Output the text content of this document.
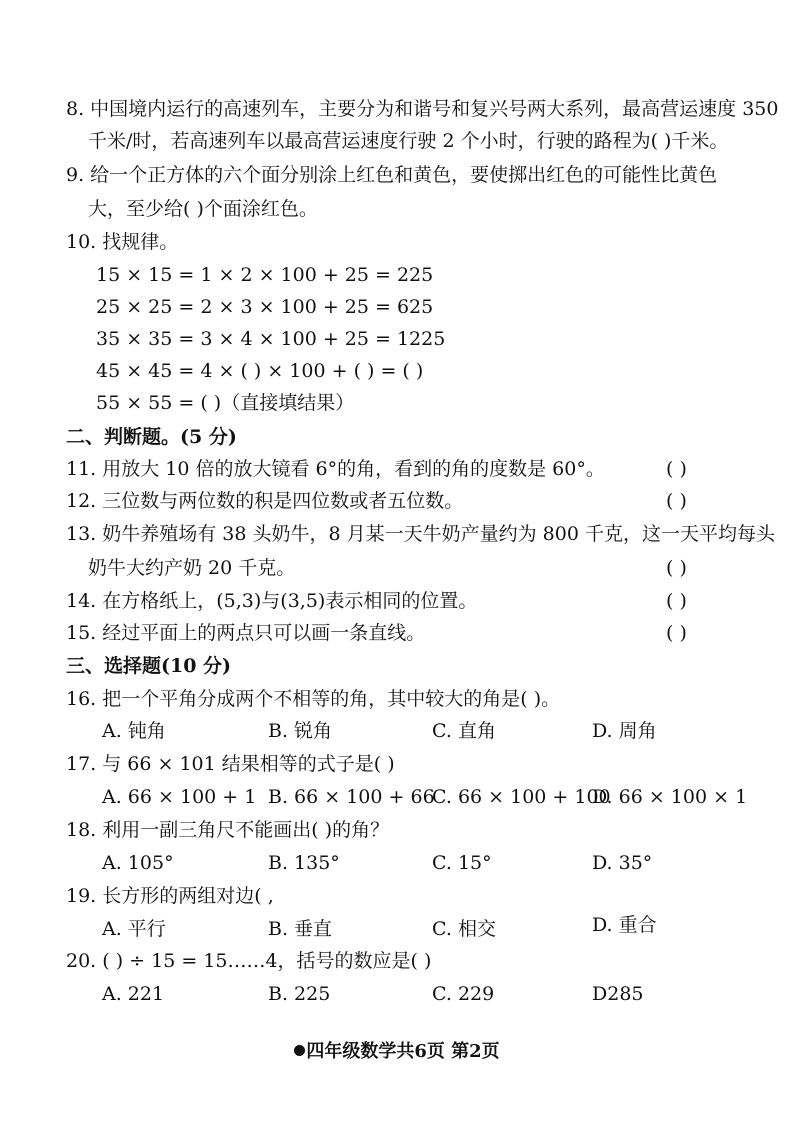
8. 中国境内运行的高速列车，主要分为和谐号和复兴号两大系列，最高营运速度 350
千米/时，若高速列车以最高营运速度行驶 2 个小时，行驶的路程为( )千米。
9. 给一个正方体的六个面分别涂上红色和黄色，要使掷出红色的可能性比黄色
大，至少给( )个面涂红色。
10. 找规律。
15 × 15 = 1 × 2 × 100 + 25 = 225
25 × 25 = 2 × 3 × 100 + 25 = 625
35 × 35 = 3 × 4 × 100 + 25 = 1225
45 × 45 = 4 × ( ) × 100 + ( ) = ( )
55 × 55 = ( )（直接填结果）
二、判断题。(5 分)
11. 用放大 10 倍的放大镜看 6°的角，看到的角的度数是 60°。	( )
12. 三位数与两位数的积是四位数或者五位数。	( )
13. 奶牛养殖场有 38 头奶牛，8 月某一天牛奶产量约为 800 千克，这一天平均每头
奶牛大约产奶 20 千克。	( )
14. 在方格纸上，(5,3)与(3,5)表示相同的位置。	( )
15. 经过平面上的两点只可以画一条直线。	( )
三、选择题(10 分)
16. 把一个平角分成两个不相等的角，其中较大的角是( )。
A. 钝角	B. 锐角	C. 直角	D. 周角
17. 与 66 × 101 结果相等的式子是( )
A. 66 × 100 + 1 B. 66 × 100 + 66
C. 66 × 100 + 100
D. 66 × 100 × 1
18. 利用一副三角尺不能画出( )的角？
A. 105°	B. 135°	C. 15°	D. 35°
19. 长方形的两组对边( ,
A. 平行	B. 垂直	C. 相交	D. 重合
20. ( ) ÷ 15 = 15……4，括号的数应是( )
A. 221	B. 225	C. 229	D285
四年级数学共6页 第2页
